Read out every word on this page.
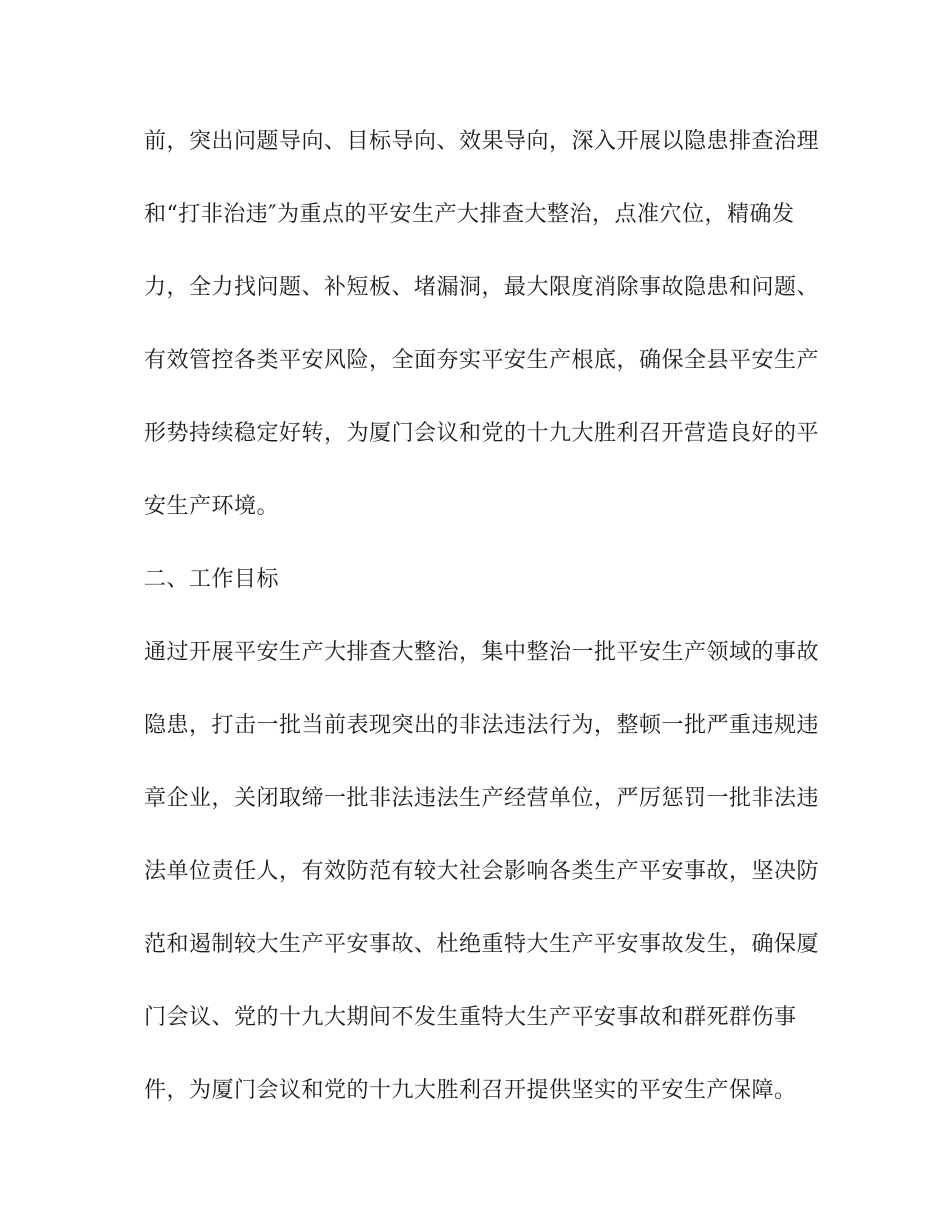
前，突出问题导向、目标导向、效果导向，深入开展以隐患排查治理
和“打非治违″为重点的平安生产大排查大整治，点准穴位，精确发
力，全力找问题、补短板、堵漏洞，最大限度消除事故隐患和问题、
有效管控各类平安风险，全面夯实平安生产根底，确保全县平安生产
形势持续稳定好转，为厦门会议和党的十九大胜利召开营造良好的平
安生产环境。
二、工作目标
通过开展平安生产大排查大整治，集中整治一批平安生产领域的事故
隐患，打击一批当前表现突出的非法违法行为，整顿一批严重违规违
章企业，关闭取缔一批非法违法生产经营单位，严厉惩罚一批非法违
法单位责任人，有效防范有较大社会影响各类生产平安事故，坚决防
范和遏制较大生产平安事故、杜绝重特大生产平安事故发生，确保厦
门会议、党的十九大期间不发生重特大生产平安事故和群死群伤事
件，为厦门会议和党的十九大胜利召开提供坚实的平安生产保障。
